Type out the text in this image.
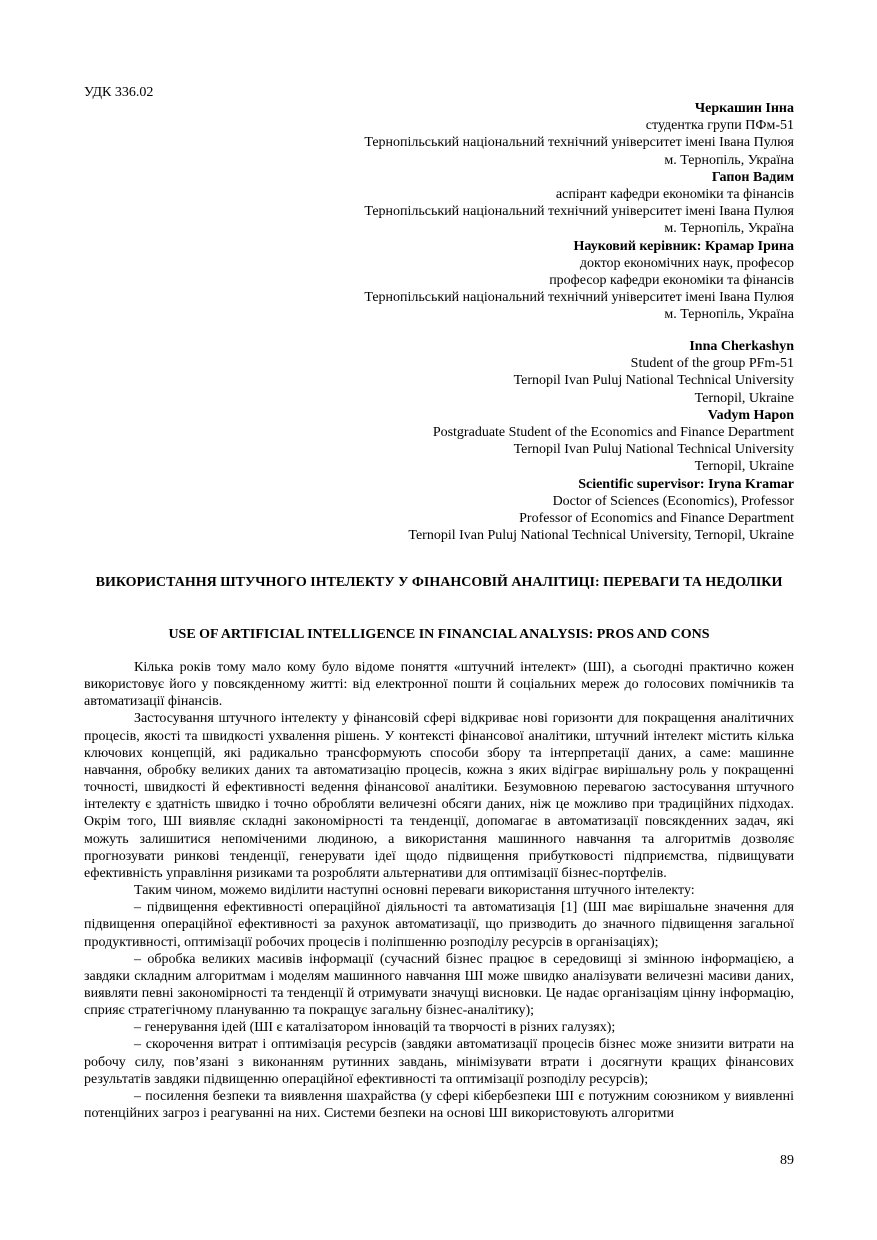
УДК 336.02
Черкашин Інна
студентка групи ПФм-51
Тернопільський національний технічний університет імені Івана Пулюя
м. Тернопіль, Україна
Гапон Вадим
аспірант кафедри економіки та фінансів
Тернопільський національний технічний університет імені Івана Пулюя
м. Тернопіль, Україна
Науковий керівник: Крамар Ірина
доктор економічних наук, професор
професор кафедри економіки та фінансів
Тернопільський національний технічний університет імені Івана Пулюя
м. Тернопіль, Україна
Inna Cherkashyn
Student of the group PFm-51
Ternopil Ivan Puluj National Technical University
Ternopil, Ukraine
Vadym Hapon
Postgraduate Student of the Economics and Finance Department
Ternopil Ivan Puluj National Technical University
Ternopil, Ukraine
Scientific supervisor: Iryna Kramar
Doctor of Sciences (Economics), Professor
Professor of Economics and Finance Department
Ternopil Ivan Puluj National Technical University, Ternopil, Ukraine
ВИКОРИСТАННЯ ШТУЧНОГО ІНТЕЛЕКТУ У ФІНАНСОВІЙ АНАЛІТИЦІ: ПЕРЕВАГИ ТА НЕДОЛІКИ
USE OF ARTIFICIAL INTELLIGENCE IN FINANCIAL ANALYSIS: PROS AND CONS

Кілька років тому мало кому було відоме поняття «штучний інтелект» (ШІ), а сьогодні практично кожен використовує його у повсякденному житті: від електронної пошти й соціальних мереж до голосових помічників та автоматизації фінансів.

Застосування штучного інтелекту у фінансовій сфері відкриває нові горизонти для покращення аналітичних процесів, якості та швидкості ухвалення рішень. У контексті фінансової аналітики, штучний інтелект містить кілька ключових концепцій, які радикально трансформують способи збору та інтерпретації даних, а саме: машинне навчання, обробку великих даних та автоматизацію процесів, кожна з яких відіграє вирішальну роль у покращенні точності, швидкості й ефективності ведення фінансової аналітики. Безумовною перевагою застосування штучного інтелекту є здатність швидко і точно обробляти величезні обсяги даних, ніж це можливо при традиційних підходах. Окрім того, ШІ виявляє складні закономірності та тенденції, допомагає в автоматизації повсякденних задач, які можуть залишитися непоміченими людиною, а використання машинного навчання та алгоритмів дозволяє прогнозувати ринкові тенденції, генерувати ідеї щодо підвищення прибутковості підприємства, підвищувати ефективність управління ризиками та розробляти альтернативи для оптимізації бізнес-портфелів.

Таким чином, можемо виділити наступні основні переваги використання штучного інтелекту:

– підвищення ефективності операційної діяльності та автоматизація [1] (ШІ має вирішальне значення для підвищення операційної ефективності за рахунок автоматизації, що призводить до значного підвищення загальної продуктивності, оптимізації робочих процесів і поліпшенню розподілу ресурсів в організаціях);

– обробка великих масивів інформації (сучасний бізнес працює в середовищі зі змінною інформацією, а завдяки складним алгоритмам і моделям машинного навчання ШІ може швидко аналізувати величезні масиви даних, виявляти певні закономірності та тенденції й отримувати значущі висновки. Це надає організаціям цінну інформацію, сприяє стратегічному плануванню та покращує загальну бізнес-аналітику);

– генерування ідей (ШІ є каталізатором інновацій та творчості в різних галузях);

– скорочення витрат і оптимізація ресурсів (завдяки автоматизації процесів бізнес може знизити витрати на робочу силу, пов’язані з виконанням рутинних завдань, мінімізувати втрати і досягнути кращих фінансових результатів завдяки підвищенню операційної ефективності та оптимізації розподілу ресурсів);

– посилення безпеки та виявлення шахрайства (у сфері кібербезпеки ШІ є потужним союзником у виявленні потенційних загроз і реагуванні на них. Системи безпеки на основі ШІ використовують алгоритми

89
